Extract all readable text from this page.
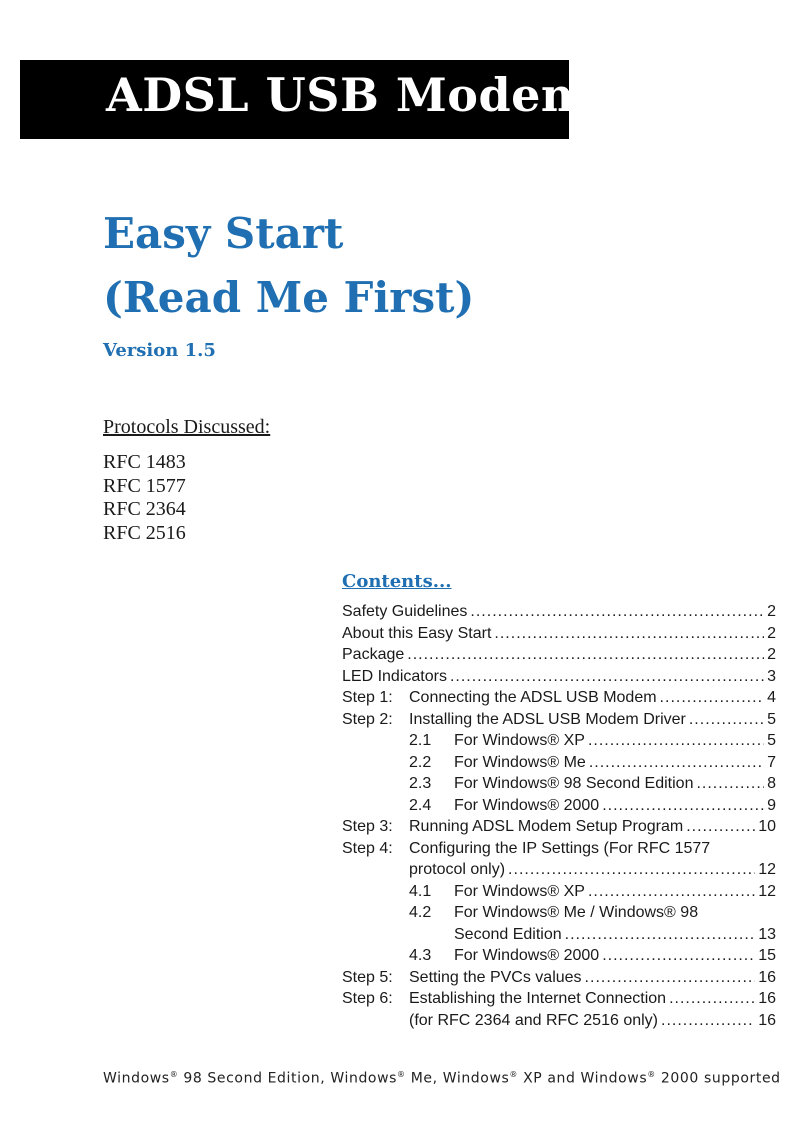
ADSL USB Modem
Easy Start
(Read Me First)
Version 1.5
Protocols Discussed:
RFC 1483
RFC 1577
RFC 2364
RFC 2516
Contents...
Safety Guidelines .....	2
About this Easy Start .....	2
Package .....	2
LED Indicators .....	3
Step 1:	Connecting the ADSL USB Modem .....	4
Step 2:	Installing the ADSL USB Modem Driver .....	5
2.1	For Windows® XP .....	5
2.2	For Windows® Me .....	7
2.3	For Windows® 98 Second Edition .....	8
2.4	For Windows® 2000 .....	9
Step 3:	Running ADSL Modem Setup Program .....	10
Step 4:	Configuring the IP Settings (For RFC 1577
protocol only) .....	12
4.1	For Windows® XP .....	12
4.2	For Windows® Me / Windows® 98
Second Edition .....	13
4.3	For Windows® 2000 .....	15
Step 5:	Setting the PVCs values .....	16
Step 6:	Establishing the Internet Connection .....	16
(for RFC 2364 and RFC 2516 only) .....	16
Windows® 98 Second Edition, Windows® Me, Windows® XP and Windows® 2000 supported
